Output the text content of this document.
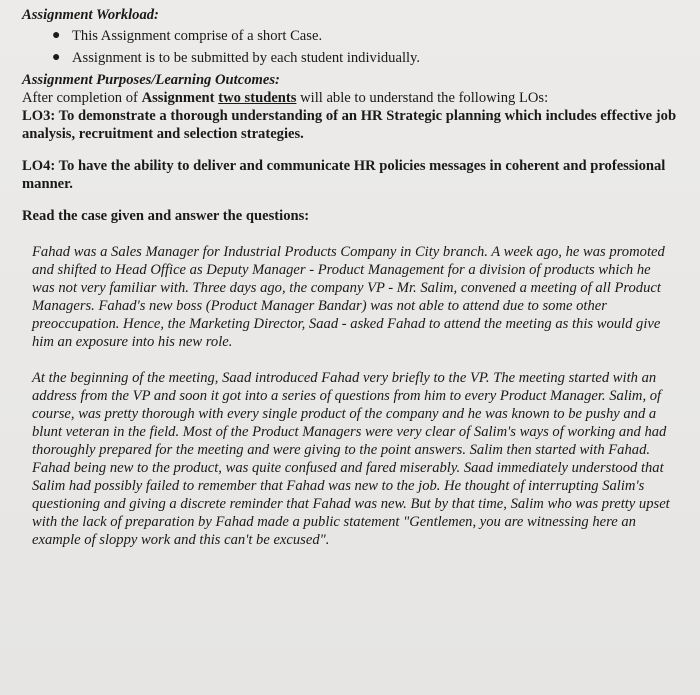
Assignment Workload:

● This Assignment comprise of a short Case.
● Assignment is to be submitted by each student individually.

Assignment Purposes/Learning Outcomes:

After completion of Assignment two students will able to understand the following LOs:

LO3: To demonstrate a thorough understanding of an HR Strategic planning which includes effective job analysis, recruitment and selection strategies.

LO4: To have the ability to deliver and communicate HR policies messages in coherent and professional manner.

Read the case given and answer the questions:

Fahad was a Sales Manager for Industrial Products Company in City branch. A week ago, he was promoted and shifted to Head Office as Deputy Manager - Product Management for a division of products which he was not very familiar with. Three days ago, the company VP - Mr. Salim, convened a meeting of all Product Managers. Fahad's new boss (Product Manager Bandar) was not able to attend due to some other preoccupation. Hence, the Marketing Director, Saad - asked Fahad to attend the meeting as this would give him an exposure into his new role.

At the beginning of the meeting, Saad introduced Fahad very briefly to the VP. The meeting started with an address from the VP and soon it got into a series of questions from him to every Product Manager. Salim, of course, was pretty thorough with every single product of the company and he was known to be pushy and a blunt veteran in the field. Most of the Product Managers were very clear of Salim's ways of working and had thoroughly prepared for the meeting and were giving to the point answers. Salim then started with Fahad.

Fahad being new to the product, was quite confused and fared miserably. Saad immediately understood that Salim had possibly failed to remember that Fahad was new to the job. He thought of interrupting Salim's questioning and giving a discrete reminder that Fahad was new. But by that time, Salim who was pretty upset with the lack of preparation by Fahad made a public statement "Gentlemen, you are witnessing here an example of sloppy work and this can't be excused".
